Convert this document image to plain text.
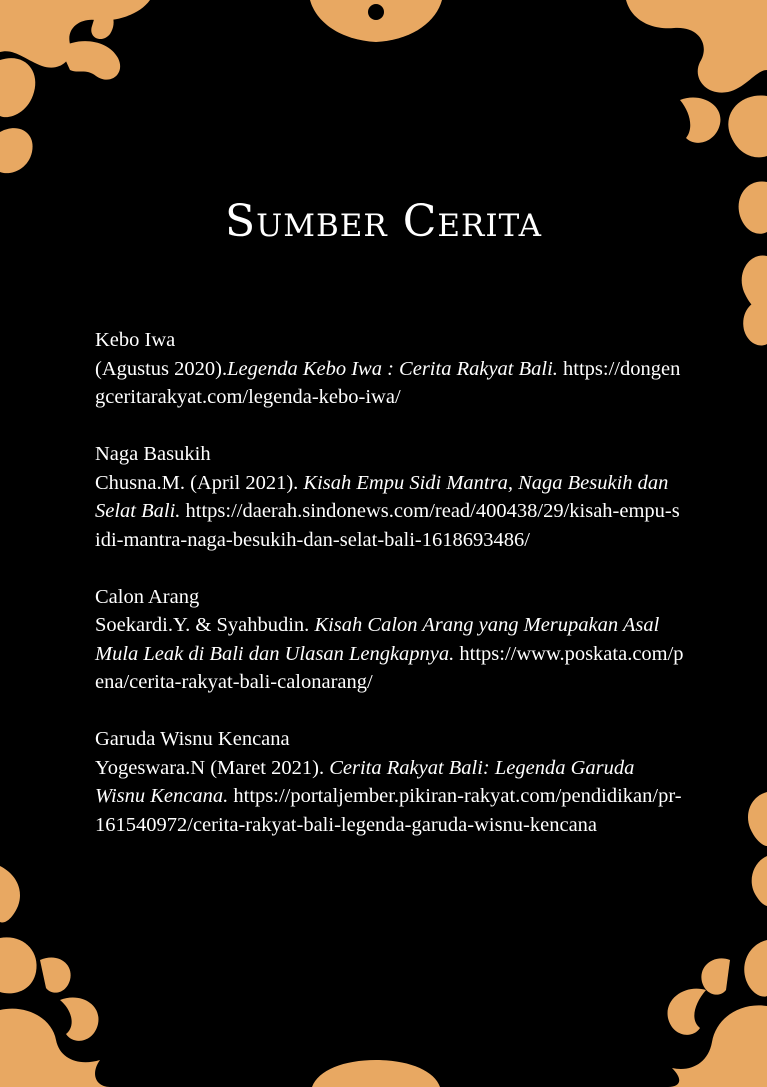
Sumber Cerita
Kebo Iwa
(Agustus 2020).Legenda Kebo Iwa : Cerita Rakyat Bali. https://dongengceritarakyat.com/legenda-kebo-iwa/
Naga Basukih
Chusna.M. (April 2021). Kisah Empu Sidi Mantra, Naga Besukih dan Selat Bali. https://daerah.sindonews.com/read/400438/29/kisah-empu-sidi-mantra-naga-besukih-dan-selat-bali-1618693486/
Calon Arang
Soekardi.Y. & Syahbudin. Kisah Calon Arang yang Merupakan Asal Mula Leak di Bali dan Ulasan Lengkapnya. https://www.poskata.com/pena/cerita-rakyat-bali-calonarang/
Garuda Wisnu Kencana
Yogeswara.N (Maret 2021). Cerita Rakyat Bali: Legenda Garuda Wisnu Kencana. https://portaljember.pikiran-rakyat.com/pendidikan/pr-161540972/cerita-rakyat-bali-legenda-garuda-wisnu-kencana
